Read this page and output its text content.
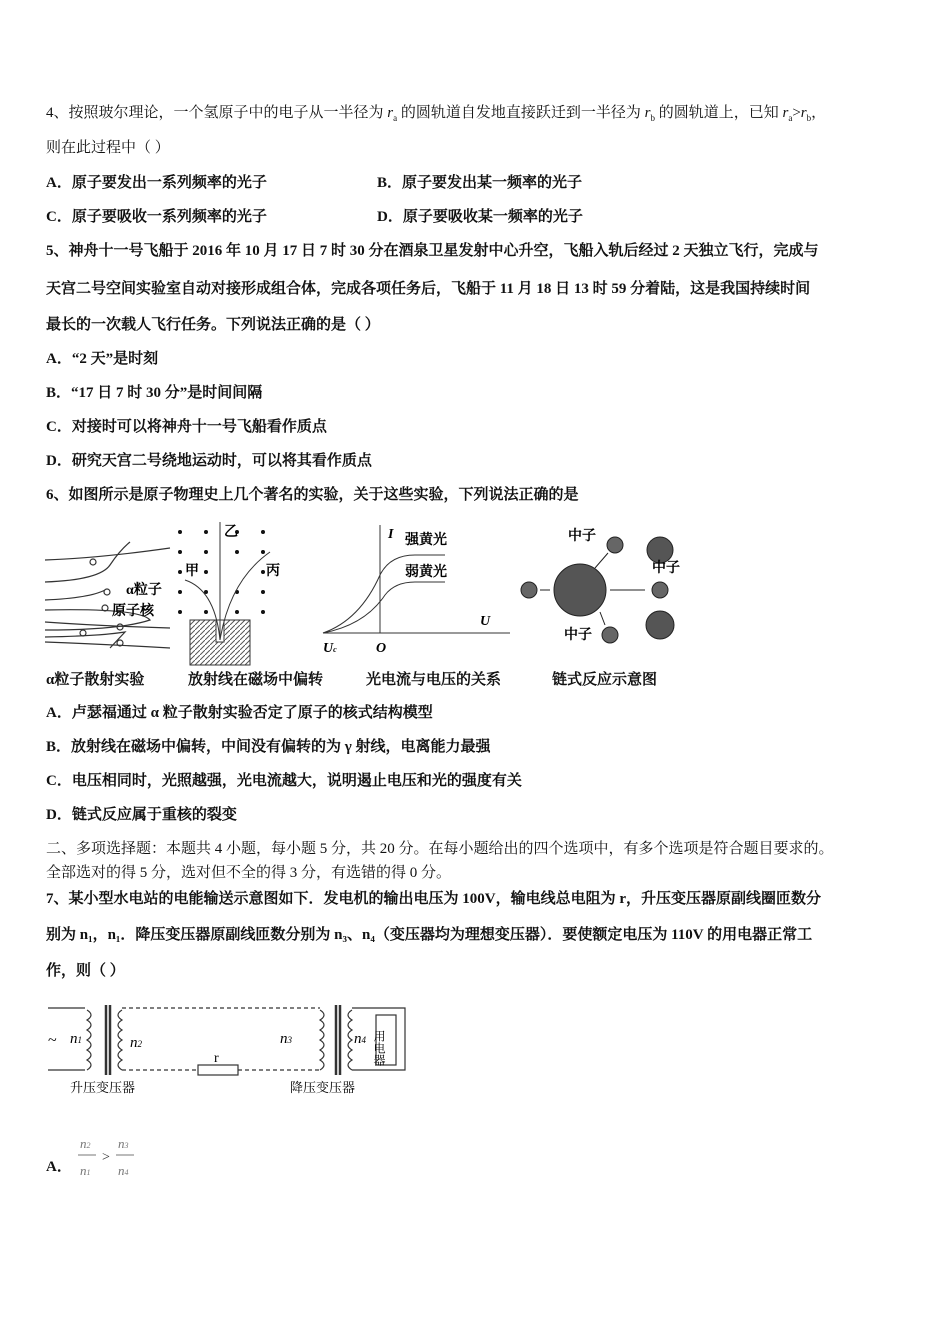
4、按照玻尔理论，一个氢原子中的电子从一半径为 $r_a$ 的圆轨道自发地直接跃迁到一半径为 $r_b$ 的圆轨道上，已知 $r_a>r_b$，
则在此过程中（ ）
A．原子要发出一系列频率的光子	B．原子要发出某一频率的光子
C．原子要吸收一系列频率的光子	D．原子要吸收某一频率的光子
5、神舟十一号飞船于 2016 年 10 月 17 日 7 时 30 分在酒泉卫星发射中心升空，飞船入轨后经过 2 天独立飞行，完成与
天宫二号空间实验室自动对接形成组合体，完成各项任务后，飞船于 11 月 18 日 13 时 59 分着陆，这是我国持续时间
最长的一次载人飞行任务。下列说法正确的是（ ）
A．“2 天”是时刻
B．“17 日 7 时 30 分”是时间间隔
C．对接时可以将神舟十一号飞船看作质点
D．研究天宫二号绕地运动时，可以将其看作质点
6、如图所示是原子物理史上几个著名的实验，关于这些实验，下列说法正确的是
α粒子
原子核
甲
乙
丙
I
U
O
Uc
强黄光
弱黄光
中子
中子
中子
α粒子散射实验	放射线在磁场中偏转	光电流与电压的关系	链式反应示意图
A．卢瑟福通过 α 粒子散射实验否定了原子的核式结构模型
B．放射线在磁场中偏转，中间没有偏转的为 γ 射线，电离能力最强
C．电压相同时，光照越强，光电流越大，说明遏止电压和光的强度有关
D．链式反应属于重核的裂变
二、多项选择题：本题共 4 小题，每小题 5 分，共 20 分。在每小题给出的四个选项中，有多个选项是符合题目要求的。
全部选对的得 5 分，选对但不全的得 3 分，有选错的得 0 分。
7、某小型水电站的电能输送示意图如下．发电机的输出电压为 100V，输电线总电阻为 r，升压变压器原副线圈匝数分
别为 n₁，n₁．降压变压器原副线匝数分别为 n₃、n₄（变压器均为理想变压器）．要使额定电压为 110V 的用电器正常工
作，则（ ）
~ n1	n2	n3	n4
r	用电器
升压变压器	降压变压器
A．
n2
n1
n3
n4
>
